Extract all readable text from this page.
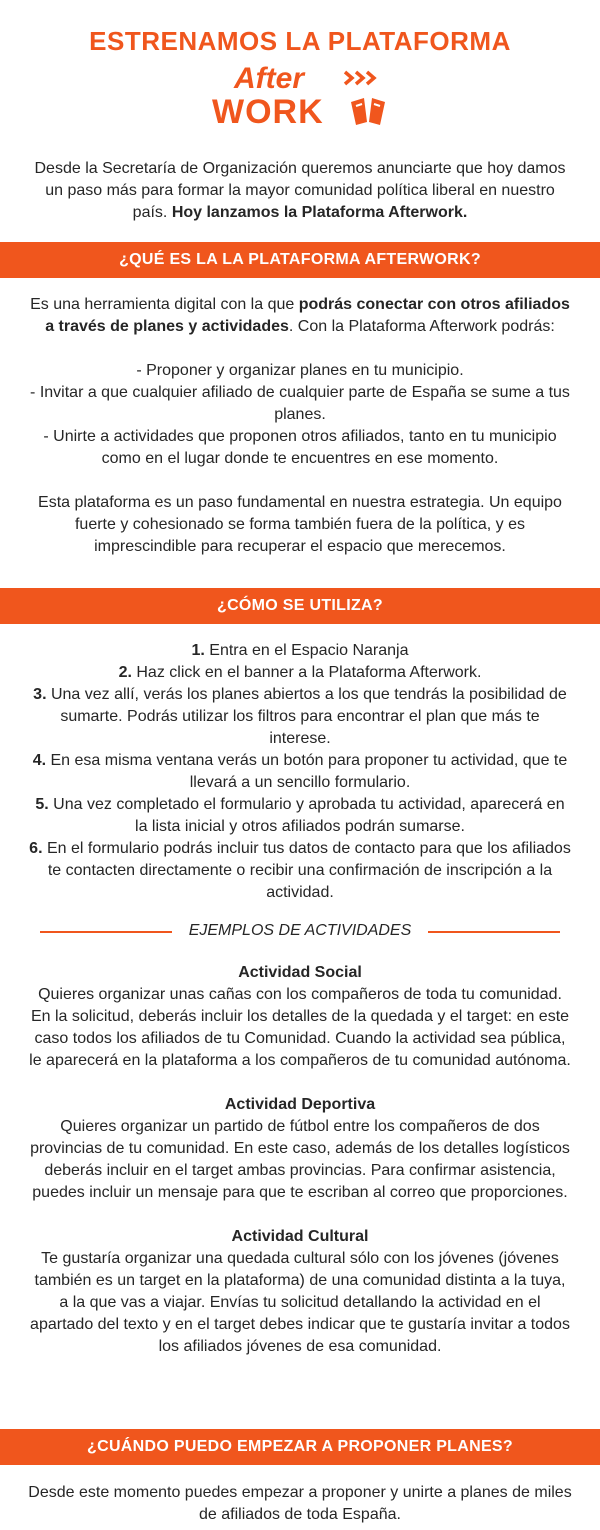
ESTRENAMOS LA PLATAFORMA
After
WORK

Desde la Secretaría de Organización queremos anunciarte que hoy damos un paso más para formar la mayor comunidad política liberal en nuestro país. Hoy lanzamos la Plataforma Afterwork.

¿QUÉ ES LA LA PLATAFORMA AFTERWORK?

Es una herramienta digital con la que podrás conectar con otros afiliados a través de planes y actividades. Con la Plataforma Afterwork podrás:

- Proponer y organizar planes en tu municipio.

- Invitar a que cualquier afiliado de cualquier parte de España se sume a tus planes.

- Unirte a actividades que proponen otros afiliados, tanto en tu municipio como en el lugar donde te encuentres en ese momento.

Esta plataforma es un paso fundamental en nuestra estrategia. Un equipo fuerte y cohesionado se forma también fuera de la política, y es imprescindible para recuperar el espacio que merecemos.

¿CÓMO SE UTILIZA?

1. Entra en el Espacio Naranja

2. Haz click en el banner a la Plataforma Afterwork.

3. Una vez allí, verás los planes abiertos a los que tendrás la posibilidad de sumarte. Podrás utilizar los filtros para encontrar el plan que más te interese.

4. En esa misma ventana verás un botón para proponer tu actividad, que te llevará a un sencillo formulario.

5. Una vez completado el formulario y aprobada tu actividad, aparecerá en la lista inicial y otros afiliados podrán sumarse.

6. En el formulario podrás incluir tus datos de contacto para que los afiliados te contacten directamente o recibir una confirmación de inscripción a la actividad.

EJEMPLOS DE ACTIVIDADES

Actividad Social

Quieres organizar unas cañas con los compañeros de toda tu comunidad. En la solicitud, deberás incluir los detalles de la quedada y el target: en este caso todos los afiliados de tu Comunidad. Cuando la actividad sea pública, le aparecerá en la plataforma a los compañeros de tu comunidad autónoma.

Actividad Deportiva

Quieres organizar un partido de fútbol entre los compañeros de dos provincias de tu comunidad. En este caso, además de los detalles logísticos deberás incluir en el target ambas provincias. Para confirmar asistencia, puedes incluir un mensaje para que te escriban al correo que proporciones.

Actividad Cultural

Te gustaría organizar una quedada cultural sólo con los jóvenes (jóvenes también es un target en la plataforma) de una comunidad distinta a la tuya, a la que vas a viajar. Envías tu solicitud detallando la actividad en el apartado del texto y en el target debes indicar que te gustaría invitar a todos los afiliados jóvenes de esa comunidad.

¿CUÁNDO PUEDO EMPEZAR A PROPONER PLANES?

Desde este momento puedes empezar a proponer y unirte a planes de miles de afiliados de toda España.
